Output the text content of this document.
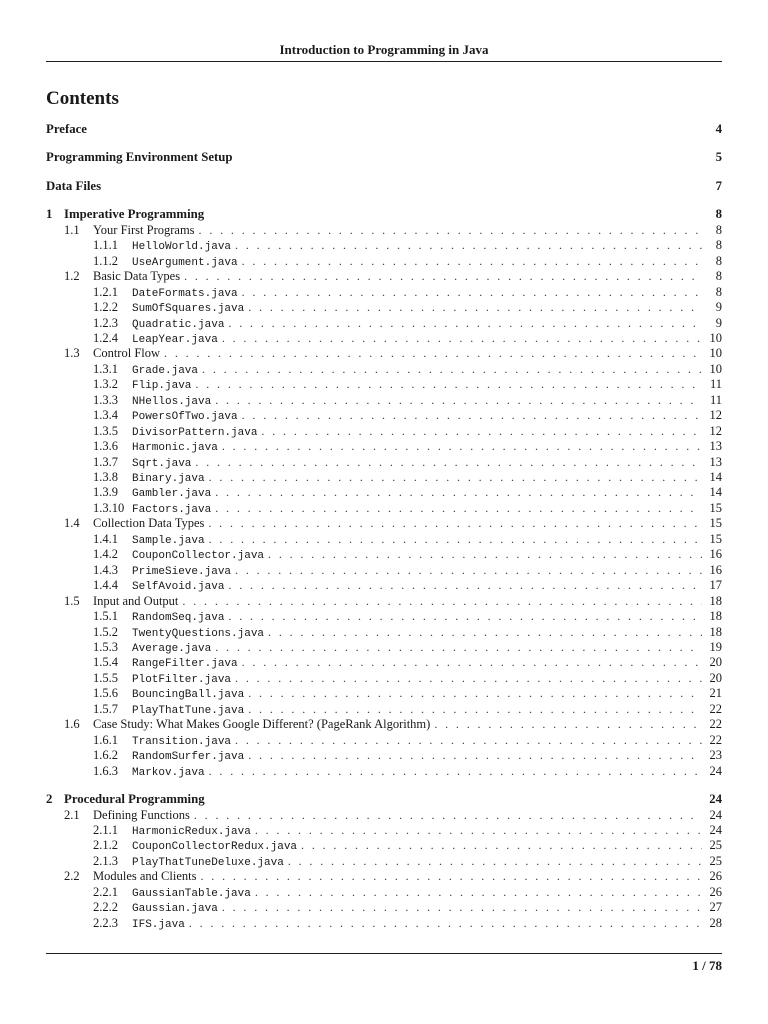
Introduction to Programming in Java
Contents
Preface	4
Programming Environment Setup	5
Data Files	7
1 Imperative Programming	8
1.1	Your First Programs . . .	8
1.1.1	HelloWorld.java . . .	8
1.1.2	UseArgument.java . . .	8
1.2	Basic Data Types . . .	8
1.2.1	DateFormats.java . . .	8
1.2.2	SumOfSquares.java . . .	9
1.2.3	Quadratic.java . . .	9
1.2.4	LeapYear.java . . .	10
1.3	Control Flow . . .	10
1.3.1	Grade.java . . .	10
1.3.2	Flip.java . . .	11
1.3.3	NHellos.java . . .	11
1.3.4	PowersOfTwo.java . . .	12
1.3.5	DivisorPattern.java . . .	12
1.3.6	Harmonic.java . . .	13
1.3.7	Sqrt.java . . .	13
1.3.8	Binary.java . . .	14
1.3.9	Gambler.java . . .	14
1.3.10 Factors.java . . .	15
1.4	Collection Data Types . . .	15
1.4.1	Sample.java . . .	15
1.4.2	CouponCollector.java . . .	16
1.4.3	PrimeSieve.java . . .	16
1.4.4	SelfAvoid.java . . .	17
1.5	Input and Output . . .	18
1.5.1	RandomSeq.java . . .	18
1.5.2	TwentyQuestions.java . . .	18
1.5.3	Average.java . . .	19
1.5.4	RangeFilter.java . . .	20
1.5.5	PlotFilter.java . . .	20
1.5.6	BouncingBall.java . . .	21
1.5.7	PlayThatTune.java . . .	22
1.6	Case Study: What Makes Google Different? (PageRank Algorithm) . . .	22
1.6.1	Transition.java . . .	22
1.6.2	RandomSurfer.java . . .	23
1.6.3	Markov.java . . .	24
2 Procedural Programming	24
2.1	Defining Functions . . .	24
2.1.1	HarmonicRedux.java . . .	24
2.1.2	CouponCollectorRedux.java . . .	25
2.1.3	PlayThatTuneDeluxe.java . . .	25
2.2	Modules and Clients . . .	26
2.2.1	GaussianTable.java . . .	26
2.2.2	Gaussian.java . . .	27
2.2.3	IFS.java . . .	28
1 / 78
